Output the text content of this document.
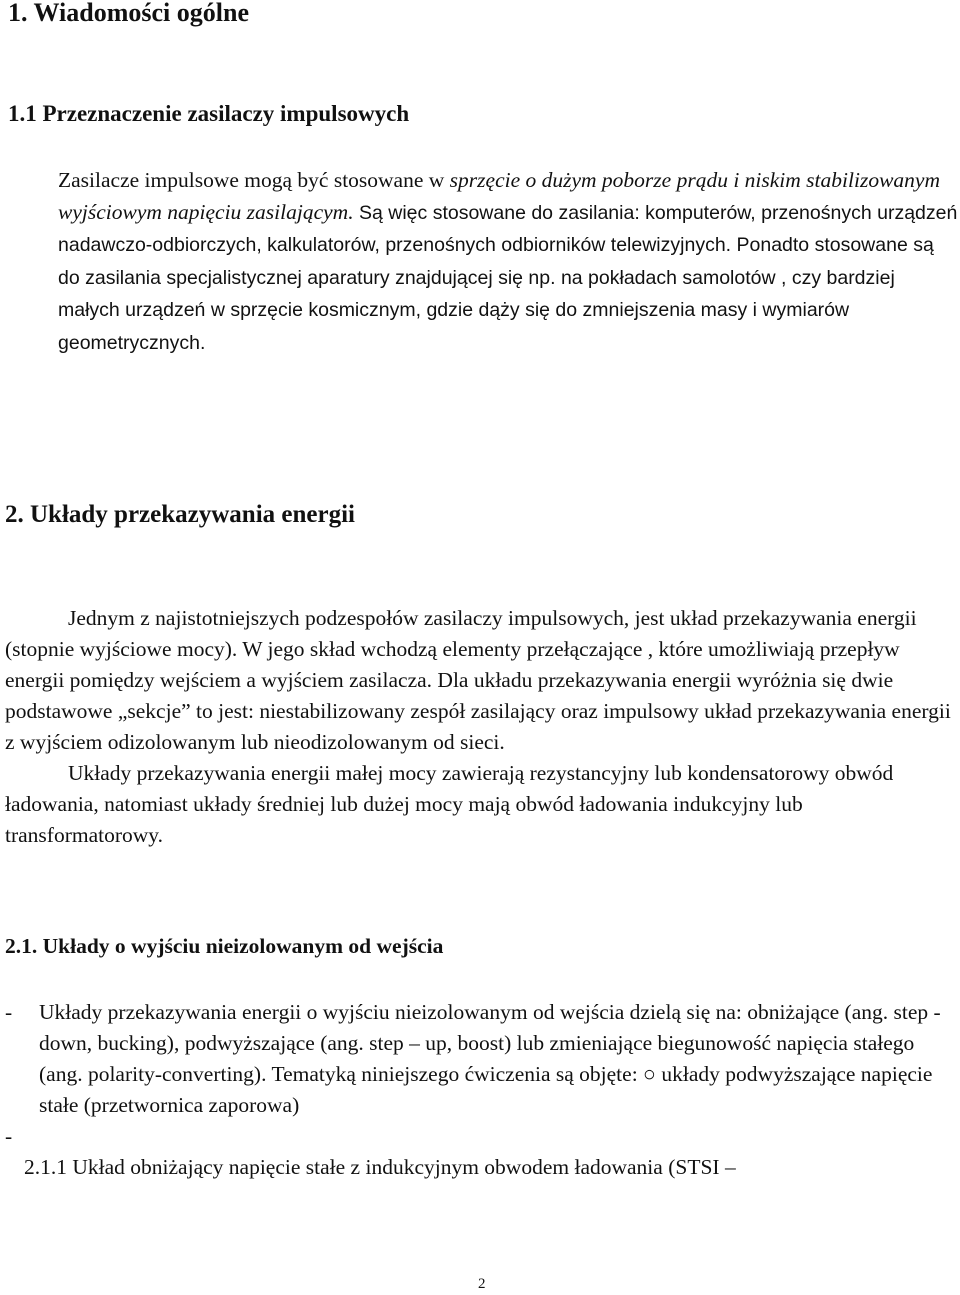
1. Wiadomości ogólne
1.1 Przeznaczenie zasilaczy impulsowych

Zasilacze impulsowe mogą być stosowane w sprzęcie o dużym poborze prądu i niskim stabilizowanym wyjściowym napięciu zasilającym. Są więc stosowane do zasilania: komputerów, przenośnych urządzeń nadawczo-odbiorczych, kalkulatorów, przenośnych odbiorników telewizyjnych. Ponadto stosowane są do zasilania specjalistycznej aparatury znajdującej się np. na pokładach samolotów , czy bardziej małych urządzeń w sprzęcie kosmicznym, gdzie dąży się do zmniejszenia masy i wymiarów geometrycznych.

2. Układy przekazywania energii
Jednym z najistotniejszych podzespołów zasilaczy impulsowych, jest układ przekazywania energii (stopnie wyjściowe mocy). W jego skład wchodzą elementy przełączające , które umożliwiają przepływ energii pomiędzy wejściem a wyjściem zasilacza. Dla układu przekazywania energii wyróżnia się dwie podstawowe „sekcje” to jest: niestabilizowany zespół zasilający oraz impulsowy układ przekazywania energii z wyjściem odizolowanym lub nieodizolowanym od sieci.
Układy przekazywania energii małej mocy zawierają rezystancyjny lub kondensatorowy obwód ładowania, natomiast układy średniej lub dużej mocy mają obwód ładowania indukcyjny lub transformatorowy.
2.1. Układy o wyjściu nieizolowanym od wejścia
- Układy przekazywania energii o wyjściu nieizolowanym od wejścia dzielą się na: obniżające (ang. step - down, bucking), podwyższające (ang. step – up, boost) lub zmieniające biegunowość napięcia stałego (ang. polarity-converting). Tematyką niniejszego ćwiczenia są objęte: ○ układy podwyższające napięcie stałe (przetwornica zaporowa)
-
2.1.1 Układ obniżający napięcie stałe z indukcyjnym obwodem ładowania (STSI –
2
